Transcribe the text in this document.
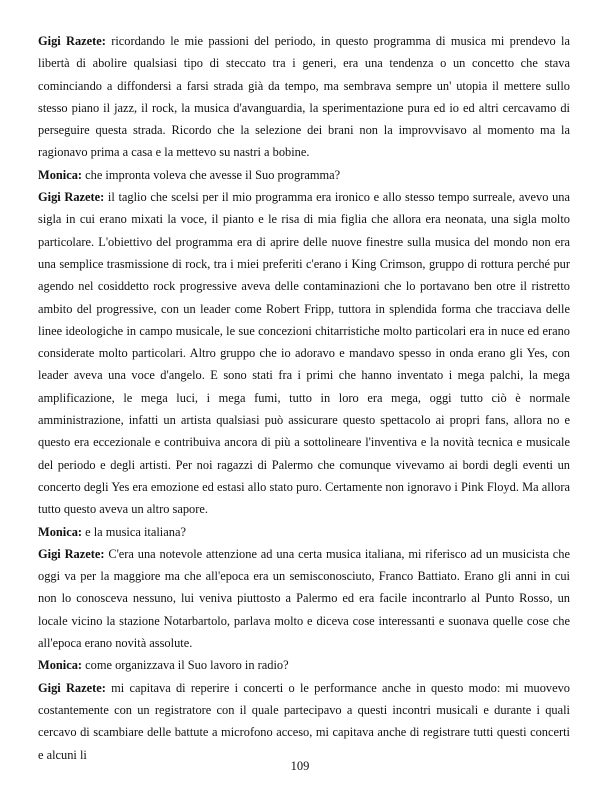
Gigi Razete: ricordando le mie passioni del periodo, in questo programma di musica mi prendevo la libertà di abolire qualsiasi tipo di steccato tra i generi, era una tendenza o un concetto che stava cominciando a diffondersi a farsi strada già da tempo, ma sembrava sempre un' utopia il mettere sullo stesso piano il jazz, il rock, la musica d'avanguardia, la sperimentazione pura ed io ed altri cercavamo di perseguire questa strada. Ricordo che la selezione dei brani non la improvvisavo al momento ma la ragionavo prima a casa e la mettevo su nastri a bobine.

Monica: che impronta voleva che avesse il Suo programma?

Gigi Razete: il taglio che scelsi per il mio programma era ironico e allo stesso tempo surreale, avevo una sigla in cui erano mixati la voce, il pianto e le risa di mia figlia che allora era neonata, una sigla molto particolare. L'obiettivo del programma era di aprire delle nuove finestre sulla musica del mondo non era una semplice trasmissione di rock, tra i miei preferiti c'erano i King Crimson, gruppo di rottura perché pur agendo nel cosiddetto rock progressive aveva delle contaminazioni che lo portavano ben otre il ristretto ambito del progressive, con un leader come Robert Fripp, tuttora in splendida forma che tracciava delle linee ideologiche in campo musicale, le sue concezioni chitarristiche molto particolari era in nuce ed erano considerate molto particolari. Altro gruppo che io adoravo e mandavo spesso in onda erano gli Yes, con leader aveva una voce d'angelo. E sono stati fra i primi che hanno inventato i mega palchi, la mega amplificazione, le mega luci, i mega fumi, tutto in loro era mega, oggi tutto ciò è normale amministrazione, infatti un artista qualsiasi può assicurare questo spettacolo ai propri fans, allora no e questo era eccezionale e contribuiva ancora di più a sottolineare l'inventiva e la novità tecnica e musicale del periodo e degli artisti. Per noi ragazzi di Palermo che comunque vivevamo ai bordi degli eventi un concerto degli Yes era emozione ed estasi allo stato puro. Certamente non ignoravo i Pink Floyd. Ma allora tutto questo aveva un altro sapore.

Monica: e la musica italiana?

Gigi Razete: C'era una notevole attenzione ad una certa musica italiana, mi riferisco ad un musicista che oggi va per la maggiore ma che all'epoca era un semisconosciuto, Franco Battiato. Erano gli anni in cui non lo conosceva nessuno, lui veniva piuttosto a Palermo ed era facile incontrarlo al Punto Rosso, un locale vicino la stazione Notarbartolo, parlava molto e diceva cose interessanti e suonava quelle cose che all'epoca erano novità assolute.

Monica: come organizzava il Suo lavoro in radio?

Gigi Razete: mi capitava di reperire i concerti o le performance anche in questo modo: mi muovevo costantemente con un registratore con il quale partecipavo a questi incontri musicali e durante i quali cercavo di scambiare delle battute a microfono acceso, mi capitava anche di registrare tutti questi concerti e alcuni li

109
